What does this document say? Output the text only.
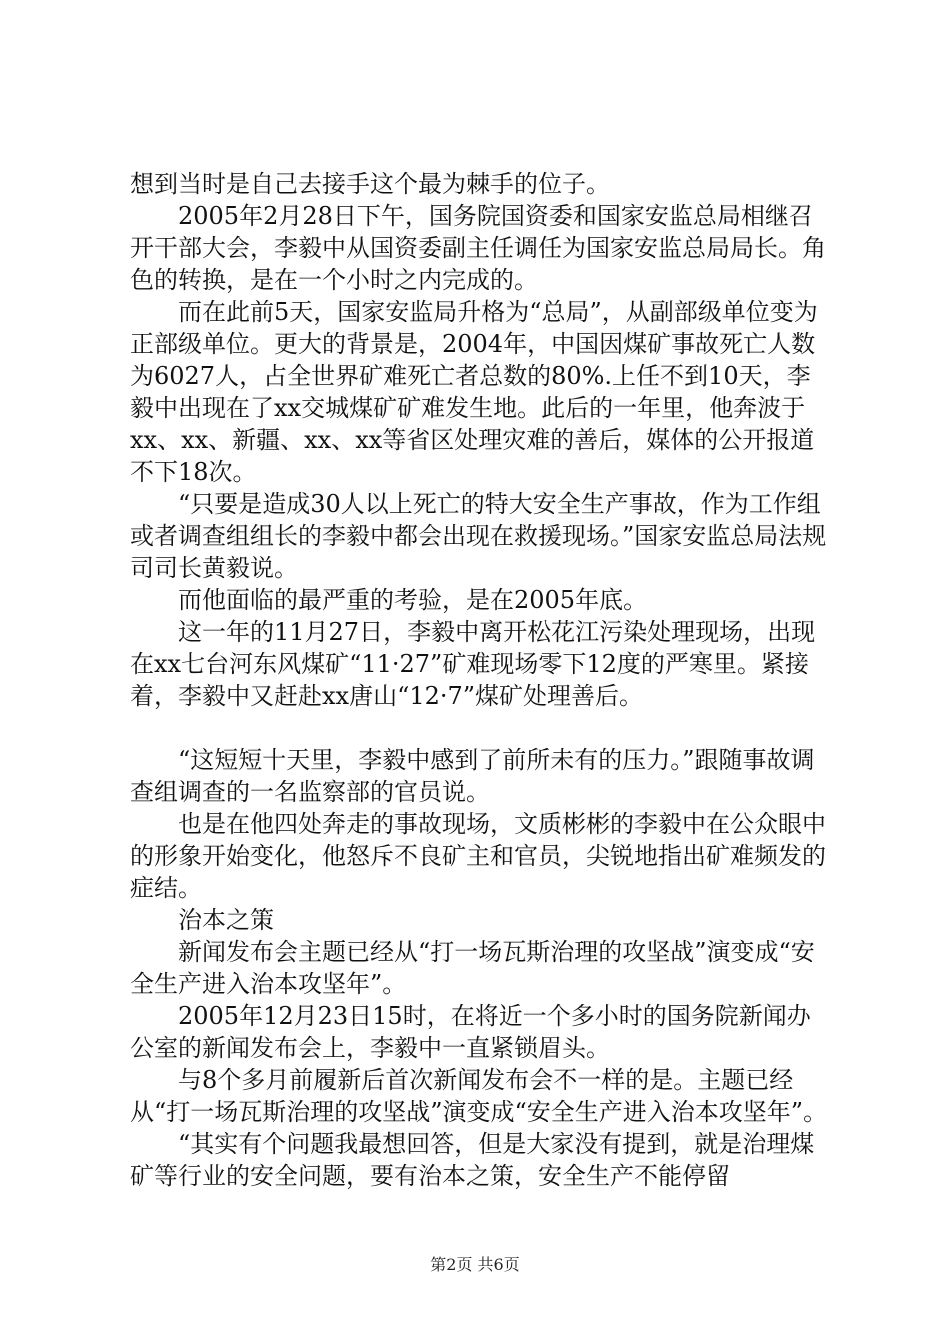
想到当时是自己去接手这个最为棘手的位子。

　　2005年2月28日下午，国务院国资委和国家安监总局相继召开干部大会，李毅中从国资委副主任调任为国家安监总局局长。角色的转换，是在一个小时之内完成的。

　　而在此前5天，国家安监局升格为“总局”，从副部级单位变为正部级单位。更大的背景是，2004年，中国因煤矿事故死亡人数为6027人，占全世界矿难死亡者总数的80%.上任不到10天，李毅中出现在了xx交城煤矿矿难发生地。此后的一年里，他奔波于xx、xx、新疆、xx、xx等省区处理灾难的善后，媒体的公开报道不下18次。

　　“只要是造成30人以上死亡的特大安全生产事故，作为工作组或者调查组组长的李毅中都会出现在救援现场。”国家安监总局法规司司长黄毅说。

　　而他面临的最严重的考验，是在2005年底。

　　这一年的11月27日，李毅中离开松花江污染处理现场，出现在xx七台河东风煤矿“11·27”矿难现场零下12度的严寒里。紧接着，李毅中又赶赴xx唐山“12·7”煤矿处理善后。

　　“这短短十天里，李毅中感到了前所未有的压力。”跟随事故调查组调查的一名监察部的官员说。

　　也是在他四处奔走的事故现场，文质彬彬的李毅中在公众眼中的形象开始变化，他怒斥不良矿主和官员，尖锐地指出矿难频发的症结。

　　治本之策

　　新闻发布会主题已经从“打一场瓦斯治理的攻坚战”演变成“安全生产进入治本攻坚年”。

　　2005年12月23日15时，在将近一个多小时的国务院新闻办公室的新闻发布会上，李毅中一直紧锁眉头。

　　与8个多月前履新后首次新闻发布会不一样的是。主题已经从“打一场瓦斯治理的攻坚战”演变成“安全生产进入治本攻坚年”。

　　“其实有个问题我最想回答，但是大家没有提到，就是治理煤矿等行业的安全问题，要有治本之策，安全生产不能停留

第2页 共6页
